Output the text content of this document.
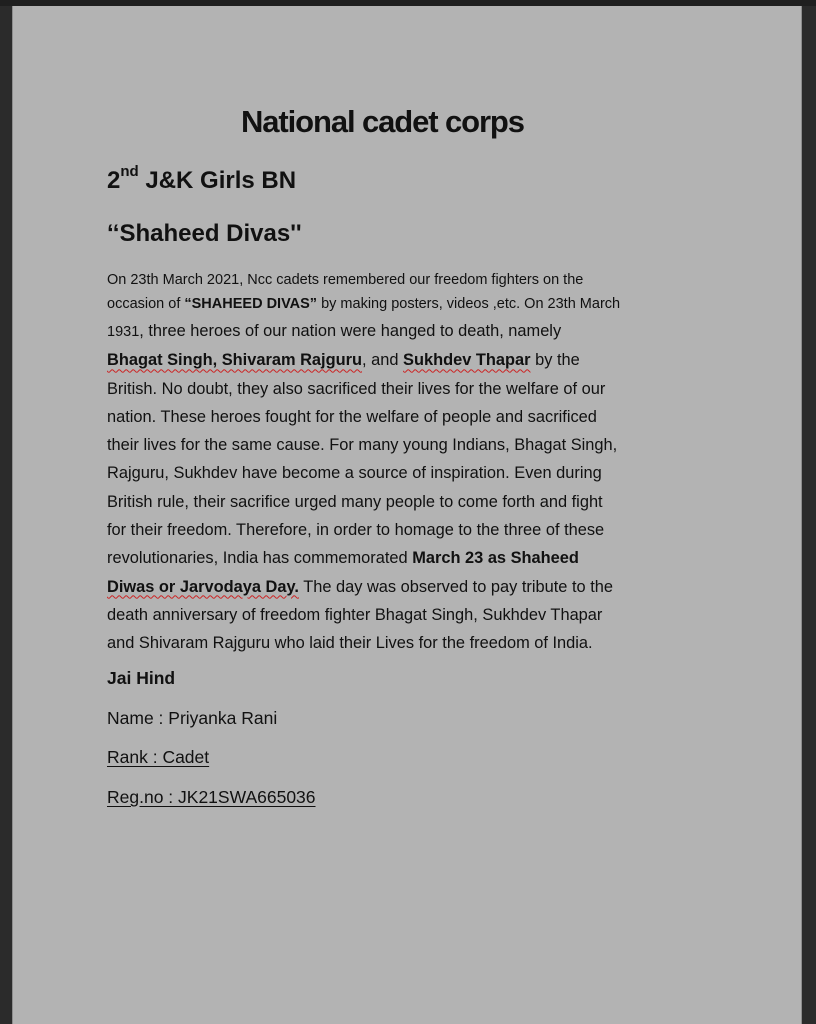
National cadet corps
2nd J&K Girls BN
‘‘Shaheed Divas''
On 23th March 2021, Ncc cadets remembered our freedom fighters on the
occasion of “SHAHEED DIVAS” by making posters, videos ,etc. On 23th March
1931, three heroes of our nation were hanged to death, namely
Bhagat Singh, Shivaram Rajguru, and Sukhdev Thapar by the
British. No doubt, they also sacrificed their lives for the welfare of our
nation. These heroes fought for the welfare of people and sacrificed
their lives for the same cause. For many young Indians, Bhagat Singh,
Rajguru, Sukhdev have become a source of inspiration. Even during
British rule, their sacrifice urged many people to come forth and fight
for their freedom. Therefore, in order to homage to the three of these
revolutionaries, India has commemorated March 23 as Shaheed
Diwas or Jarvodaya Day. The day was observed to pay tribute to the
death anniversary of freedom fighter Bhagat Singh, Sukhdev Thapar
and Shivaram Rajguru who laid their Lives for the freedom of India.
Jai Hind
Name : Priyanka Rani
Rank : Cadet
Reg.no : JK21SWA665036
